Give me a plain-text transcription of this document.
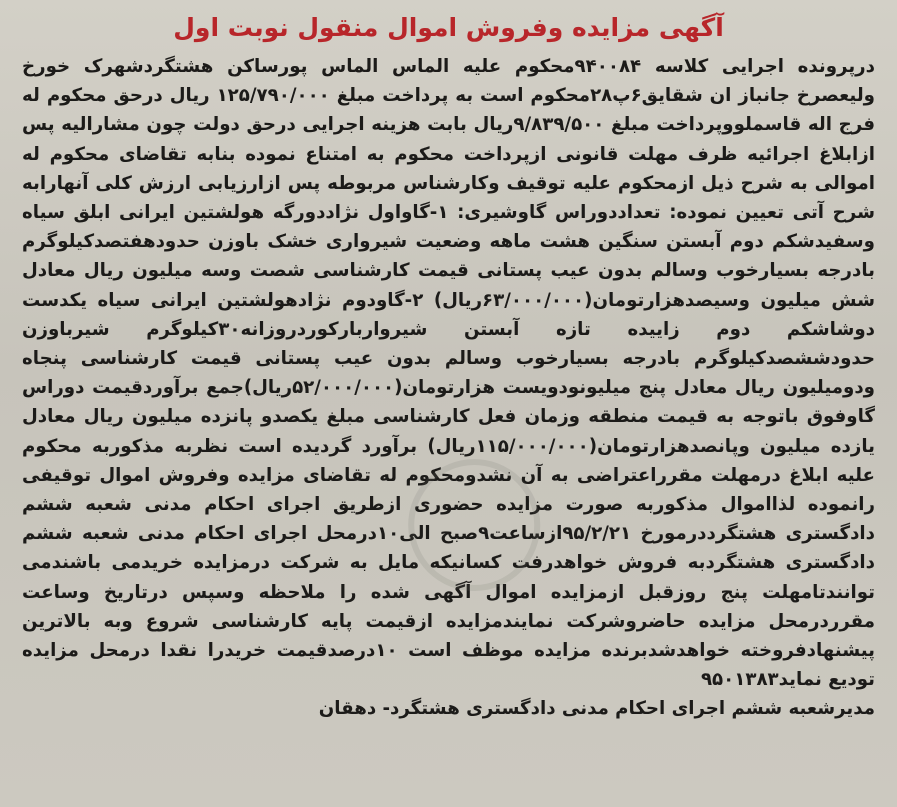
آگهی مزایده وفروش اموال منقول نوبت اول

درپرونده اجرایی کلاسه ۹۴۰۰۸۴محکوم علیه الماس الماس پورساکن هشتگردشهرک خورخ ولیعصرخ جانباز ان شقایق۶پ۲۸محکوم است به پرداخت مبلغ ۱۲۵/۷۹۰/۰۰۰ ریال درحق محکوم له فرج اله قاسملووپرداخت مبلغ ۹/۸۳۹/۵۰۰ریال بابت هزینه اجرایی درحق دولت چون مشارالیه پس ازابلاغ اجرائیه ظرف مهلت قانونی ازپرداخت محکوم به امتناع نموده بنابه تقاضای محکوم له اموالی به شرح ذیل ازمحکوم علیه توقیف وکارشناس مربوطه پس ازارزیابی ارزش کلی آنهارابه شرح آتی تعیین نموده: تعداددوراس گاوشیری: ۱-گاواول نژاددورگه هولشتین ایرانی ابلق سیاه وسفیدشکم دوم آبستن سنگین هشت ماهه وضعیت شیرواری خشک باوزن حدودهفتصدکیلوگرم بادرجه بسیارخوب وسالم بدون عیب پستانی قیمت کارشناسی شصت وسه میلیون ریال معادل شش میلیون وسیصدهزارتومان(۶۳/۰۰۰/۰۰۰ریال) ۲-گاودوم نژادهولشتین ایرانی سیاه یکدست دوشاشکم دوم زاییده تازه آبستن شیرواربارکوردروزانه۳۰کیلوگرم شیرباوزن حدودششصدکیلوگرم بادرجه بسیارخوب وسالم بدون عیب پستانی قیمت کارشناسی پنجاه ودومیلیون ریال معادل پنج میلیونودویست هزارتومان(۵۲/۰۰۰/۰۰۰ریال)جمع برآوردقیمت دوراس گاوفوق باتوجه به قیمت منطقه وزمان فعل کارشناسی مبلغ یکصدو پانزده میلیون ریال معادل یازده میلیون وپانصدهزارتومان(۱۱۵/۰۰۰/۰۰۰ریال) برآورد گردیده است نظربه مذکوربه محکوم علیه ابلاغ درمهلت مقرراعتراضی به آن نشدومحکوم له تقاضای مزایده وفروش اموال توقیفی رانموده لذااموال مذکوربه صورت مزایده حضوری ازطریق اجرای احکام مدنی شعبه ششم دادگستری هشتگرددرمورخ ۹۵/۲/۲۱ازساعت۹صبح الی۱۰درمحل اجرای احکام مدنی شعبه ششم دادگستری هشتگردبه فروش خواهدرفت کسانیکه مایل به شرکت درمزایده خریدمی باشندمی توانندتامهلت پنج روزقبل ازمزایده اموال آگهی شده را ملاحظه وسپس درتاریخ وساعت مقرردرمحل مزایده حاضروشرکت نمایندمزایده ازقیمت پایه کارشناسی شروع وبه بالاترین پیشنهادفروخته خواهدشدبرنده مزایده موظف است ۱۰درصدقیمت خریدرا نقدا درمحل مزایده تودیع نماید۹۵۰۱۳۸۳

مدیرشعبه ششم اجرای احکام مدنی دادگستری هشتگرد- دهقان
